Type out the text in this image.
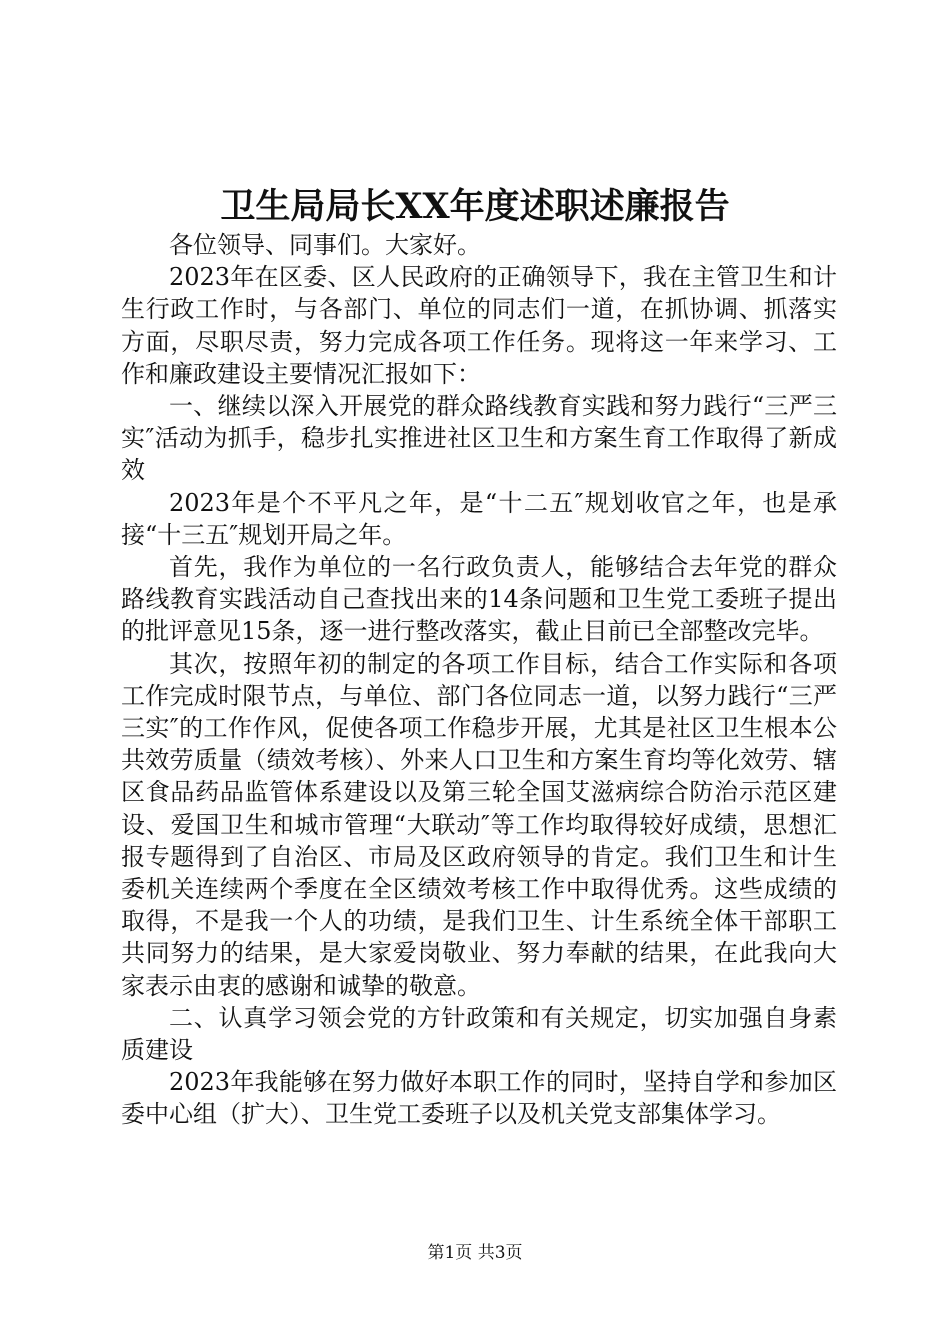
卫生局局长XX年度述职述廉报告

各位领导、同事们。大家好。

2023年在区委、区人民政府的正确领导下，我在主管卫生和计生行政工作时，与各部门、单位的同志们一道，在抓协调、抓落实方面，尽职尽责，努力完成各项工作任务。现将这一年来学习、工作和廉政建设主要情况汇报如下：

一、继续以深入开展党的群众路线教育实践和努力践行“三严三实″活动为抓手，稳步扎实推进社区卫生和方案生育工作取得了新成效

2023年是个不平凡之年，是“十二五″规划收官之年，也是承接“十三五″规划开局之年。

首先，我作为单位的一名行政负责人，能够结合去年党的群众路线教育实践活动自己查找出来的14条问题和卫生党工委班子提出的批评意见15条，逐一进行整改落实，截止目前已全部整改完毕。

其次，按照年初的制定的各项工作目标，结合工作实际和各项工作完成时限节点，与单位、部门各位同志一道，以努力践行“三严三实″的工作作风，促使各项工作稳步开展，尤其是社区卫生根本公共效劳质量（绩效考核）、外来人口卫生和方案生育均等化效劳、辖区食品药品监管体系建设以及第三轮全国艾滋病综合防治示范区建设、爱国卫生和城市管理“大联动″等工作均取得较好成绩，思想汇报专题得到了自治区、市局及区政府领导的肯定。我们卫生和计生委机关连续两个季度在全区绩效考核工作中取得优秀。这些成绩的取得，不是我一个人的功绩，是我们卫生、计生系统全体干部职工共同努力的结果，是大家爱岗敬业、努力奉献的结果，在此我向大家表示由衷的感谢和诚挚的敬意。

二、认真学习领会党的方针政策和有关规定，切实加强自身素质建设

2023年我能够在努力做好本职工作的同时，坚持自学和参加区委中心组（扩大）、卫生党工委班子以及机关党支部集体学习。

第1页 共3页
